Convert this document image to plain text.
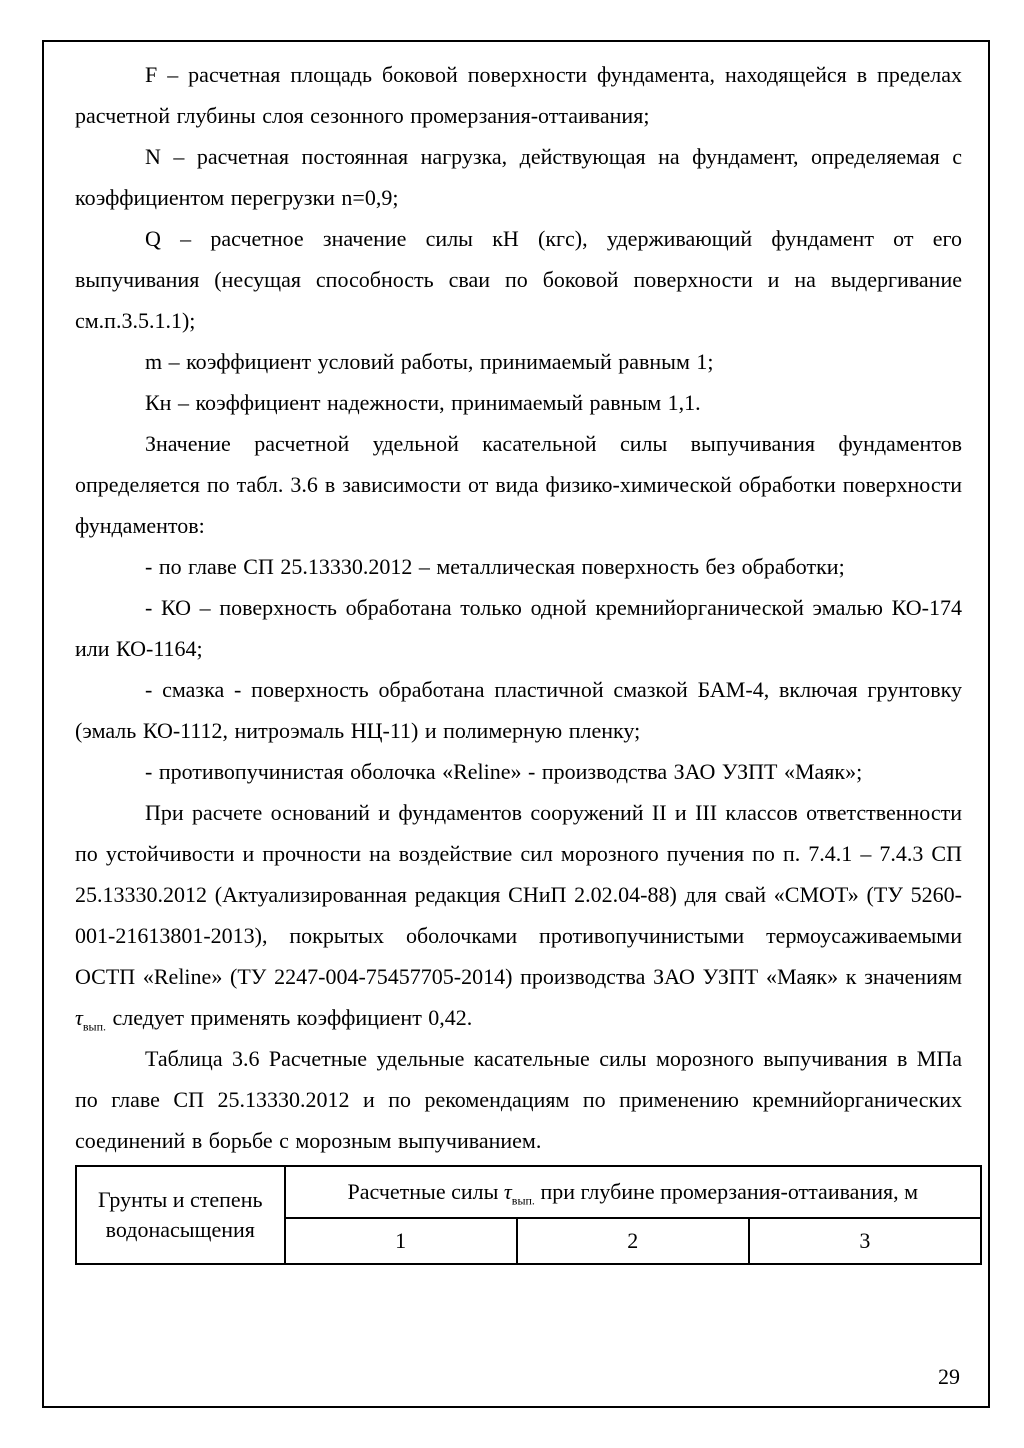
F – расчетная площадь боковой поверхности фундамента, находящейся в пределах расчетной глубины слоя сезонного промерзания-оттаивания;

N – расчетная постоянная нагрузка, действующая на фундамент, определяемая с коэффициентом перегрузки n=0,9;

Q – расчетное значение силы кН (кгс), удерживающий фундамент от его выпучивания (несущая способность сваи по боковой поверхности и на выдергивание см.п.3.5.1.1);

m – коэффициент условий работы, принимаемый равным 1;

Кн – коэффициент надежности, принимаемый равным 1,1.

Значение расчетной удельной касательной силы выпучивания фундаментов определяется по табл. 3.6 в зависимости от вида физико-химической обработки поверхности фундаментов:

- по главе СП 25.13330.2012 – металлическая поверхность без обработки;

- КО – поверхность обработана только одной кремнийорганической эмалью КО-174 или КО-1164;

- смазка - поверхность обработана пластичной смазкой БАМ-4, включая грунтовку (эмаль КО-1112, нитроэмаль НЦ-11) и полимерную пленку;

- противопучинистая оболочка «Reline» - производства ЗАО УЗПТ «Маяк»;

При расчете оснований и фундаментов сооружений II и III классов ответственности по устойчивости и прочности на воздействие сил морозного пучения по п. 7.4.1 – 7.4.3 СП 25.13330.2012 (Актуализированная редакция СНиП 2.02.04-88) для свай «СМОТ» (ТУ 5260-001-21613801-2013), покрытых оболочками противопучинистыми термоусаживаемыми ОСТП «Reline» (ТУ 2247-004-75457705-2014) производства ЗАО УЗПТ «Маяк» к значениям $\tau_{вып.}$ следует применять коэффициент 0,42.

Таблица 3.6 Расчетные удельные касательные силы морозного выпучивания в МПа по главе СП 25.13330.2012 и по рекомендациям по применению кремнийорганических соединений в борьбе с морозным выпучиванием.

Грунты и степень водонасыщения	Расчетные силы $\tau_{вып.}$ при глубине промерзания-оттаивания, м		
	1	2	3
29
